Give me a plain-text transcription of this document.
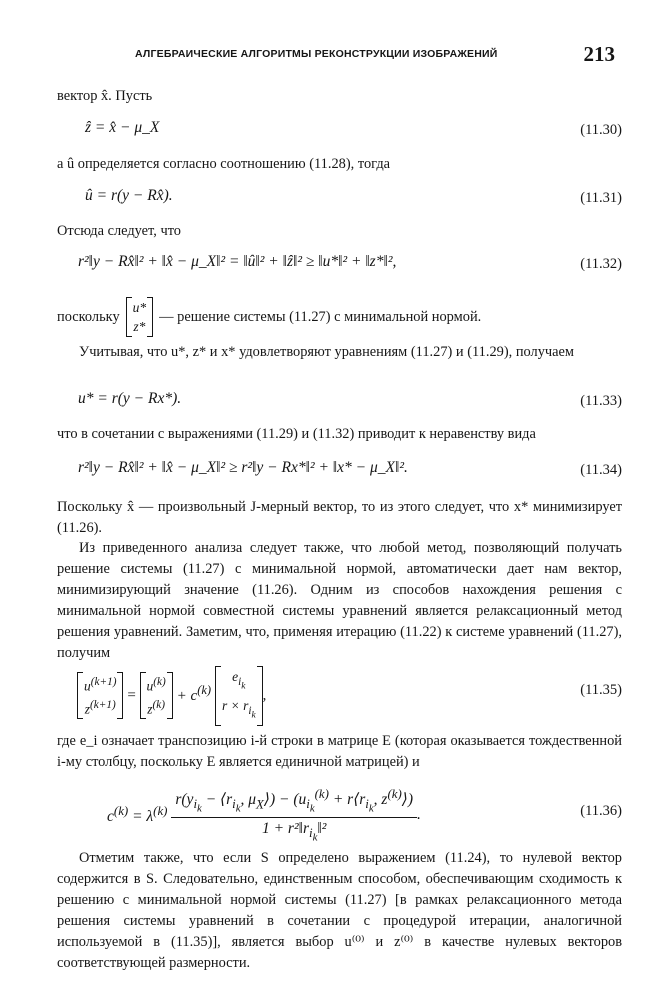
АЛГЕБРАИЧЕСКИЕ АЛГОРИТМЫ РЕКОНСТРУКЦИИ ИЗОБРАЖЕНИЙ	213
вектор x̂. Пусть
ẑ = x̂ − μ_X	(11.30)
а û определяется согласно соотношению (11.28), тогда
û = r(y − Rx̂).	(11.31)
Отсюда следует, что
r²‖y − Rx̂‖² + ‖x̂ − μ_X‖² = ‖û‖² + ‖ẑ‖² ≥ ‖u*‖² + ‖z*‖²,	(11.32)
поскольку
u*
z*
— решение системы (11.27) с минимальной нормой.
Учитывая, что u*, z* и x* удовлетворяют уравнениям (11.27) и (11.29), получаем
u* = r(y − Rx*).	(11.33)
что в сочетании с выражениями (11.29) и (11.32) приводит к неравенству вида
r²‖y − Rx̂‖² + ‖x̂ − μ_X‖² ≥ r²‖y − Rx*‖² + ‖x* − μ_X‖².	(11.34)
Поскольку x̂ — произвольный J-мерный вектор, то из этого следует, что x* минимизирует (11.26).
Из приведенного анализа следует также, что любой метод, позволяющий получать решение системы (11.27) с минимальной нормой, автоматически дает нам вектор, минимизирующий значение (11.26). Одним из способов нахождения решения с минимальной нормой совместной системы уравнений является релаксационный метод решения уравнений. Заметим, что, применяя итерацию (11.22) к системе уравнений (11.27), получим
$u^{(k+1)}$
$z^{(k+1)} = u^{(k)}$
$z^{(k)} + c^{(k)}$ $e_{i_k}$
$r \times r_{i_k}$,	(11.35)
где e_i означает транспозицию i-й строки в матрице E (которая оказывается тождественной i-му столбцу, поскольку E является единичной матрицей) и
$c^{(k)} = \lambda^{(k)} \frac{r(y_{i_k} - ⟨r_{i_k}, \mu_X⟩) - (u_{i_k}^{(k)} + r⟨r_{i_k}, z^{(k)}⟩)}{1 + r^2‖r_{i_k}‖^2}$ .	(11.36)
Отметим также, что если S определено выражением (11.24), то нулевой вектор содержится в S. Следовательно, единственным способом, обеспечивающим сходимость к решению с минимальной нормой системы (11.27) [в рамках релаксационного метода решения системы уравнений в сочетании с процедурой итерации, аналогичной используемой в (11.35)], является выбор u⁽⁰⁾ и z⁽⁰⁾ в качестве нулевых векторов соответствующей размерности.
